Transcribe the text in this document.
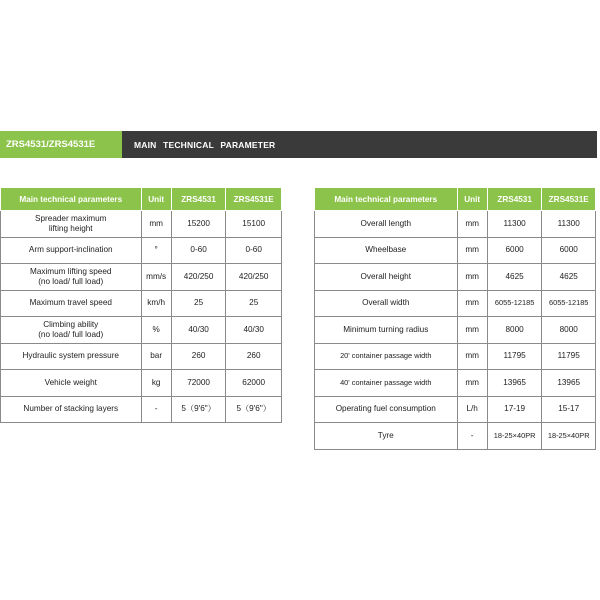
ZRS4531/ZRS4531E	MAIN TECHNICAL PARAMETER
Main technical parameters	Unit	ZRS4531	ZRS4531E
Spreader maximum
lifting height	mm	15200	15100
Arm support-inclination	°	0-60	0-60
Maximum lifting speed
(no load/ full load)	mm/s	420/250	420/250
Maximum travel speed	km/h	25	25
Climbing ability
(no load/ full load)	%	40/30	40/30
Hydraulic system pressure	bar	260	260
Vehicle weight	kg	72000	62000
Number of stacking layers	-	5（9'6"）	5（9'6"）
Main technical parameters	Unit	ZRS4531	ZRS4531E
Overall length	mm	11300	11300
Wheelbase	mm	6000	6000
Overall height	mm	4625	4625
Overall width	mm	6055-12185	6055-12185
Minimum turning radius	mm	8000	8000
20' container passage width	mm	11795	11795
40' container passage width	mm	13965	13965
Operating fuel consumption	L/h	17-19	15-17
Tyre	-	18-25×40PR	18-25×40PR
